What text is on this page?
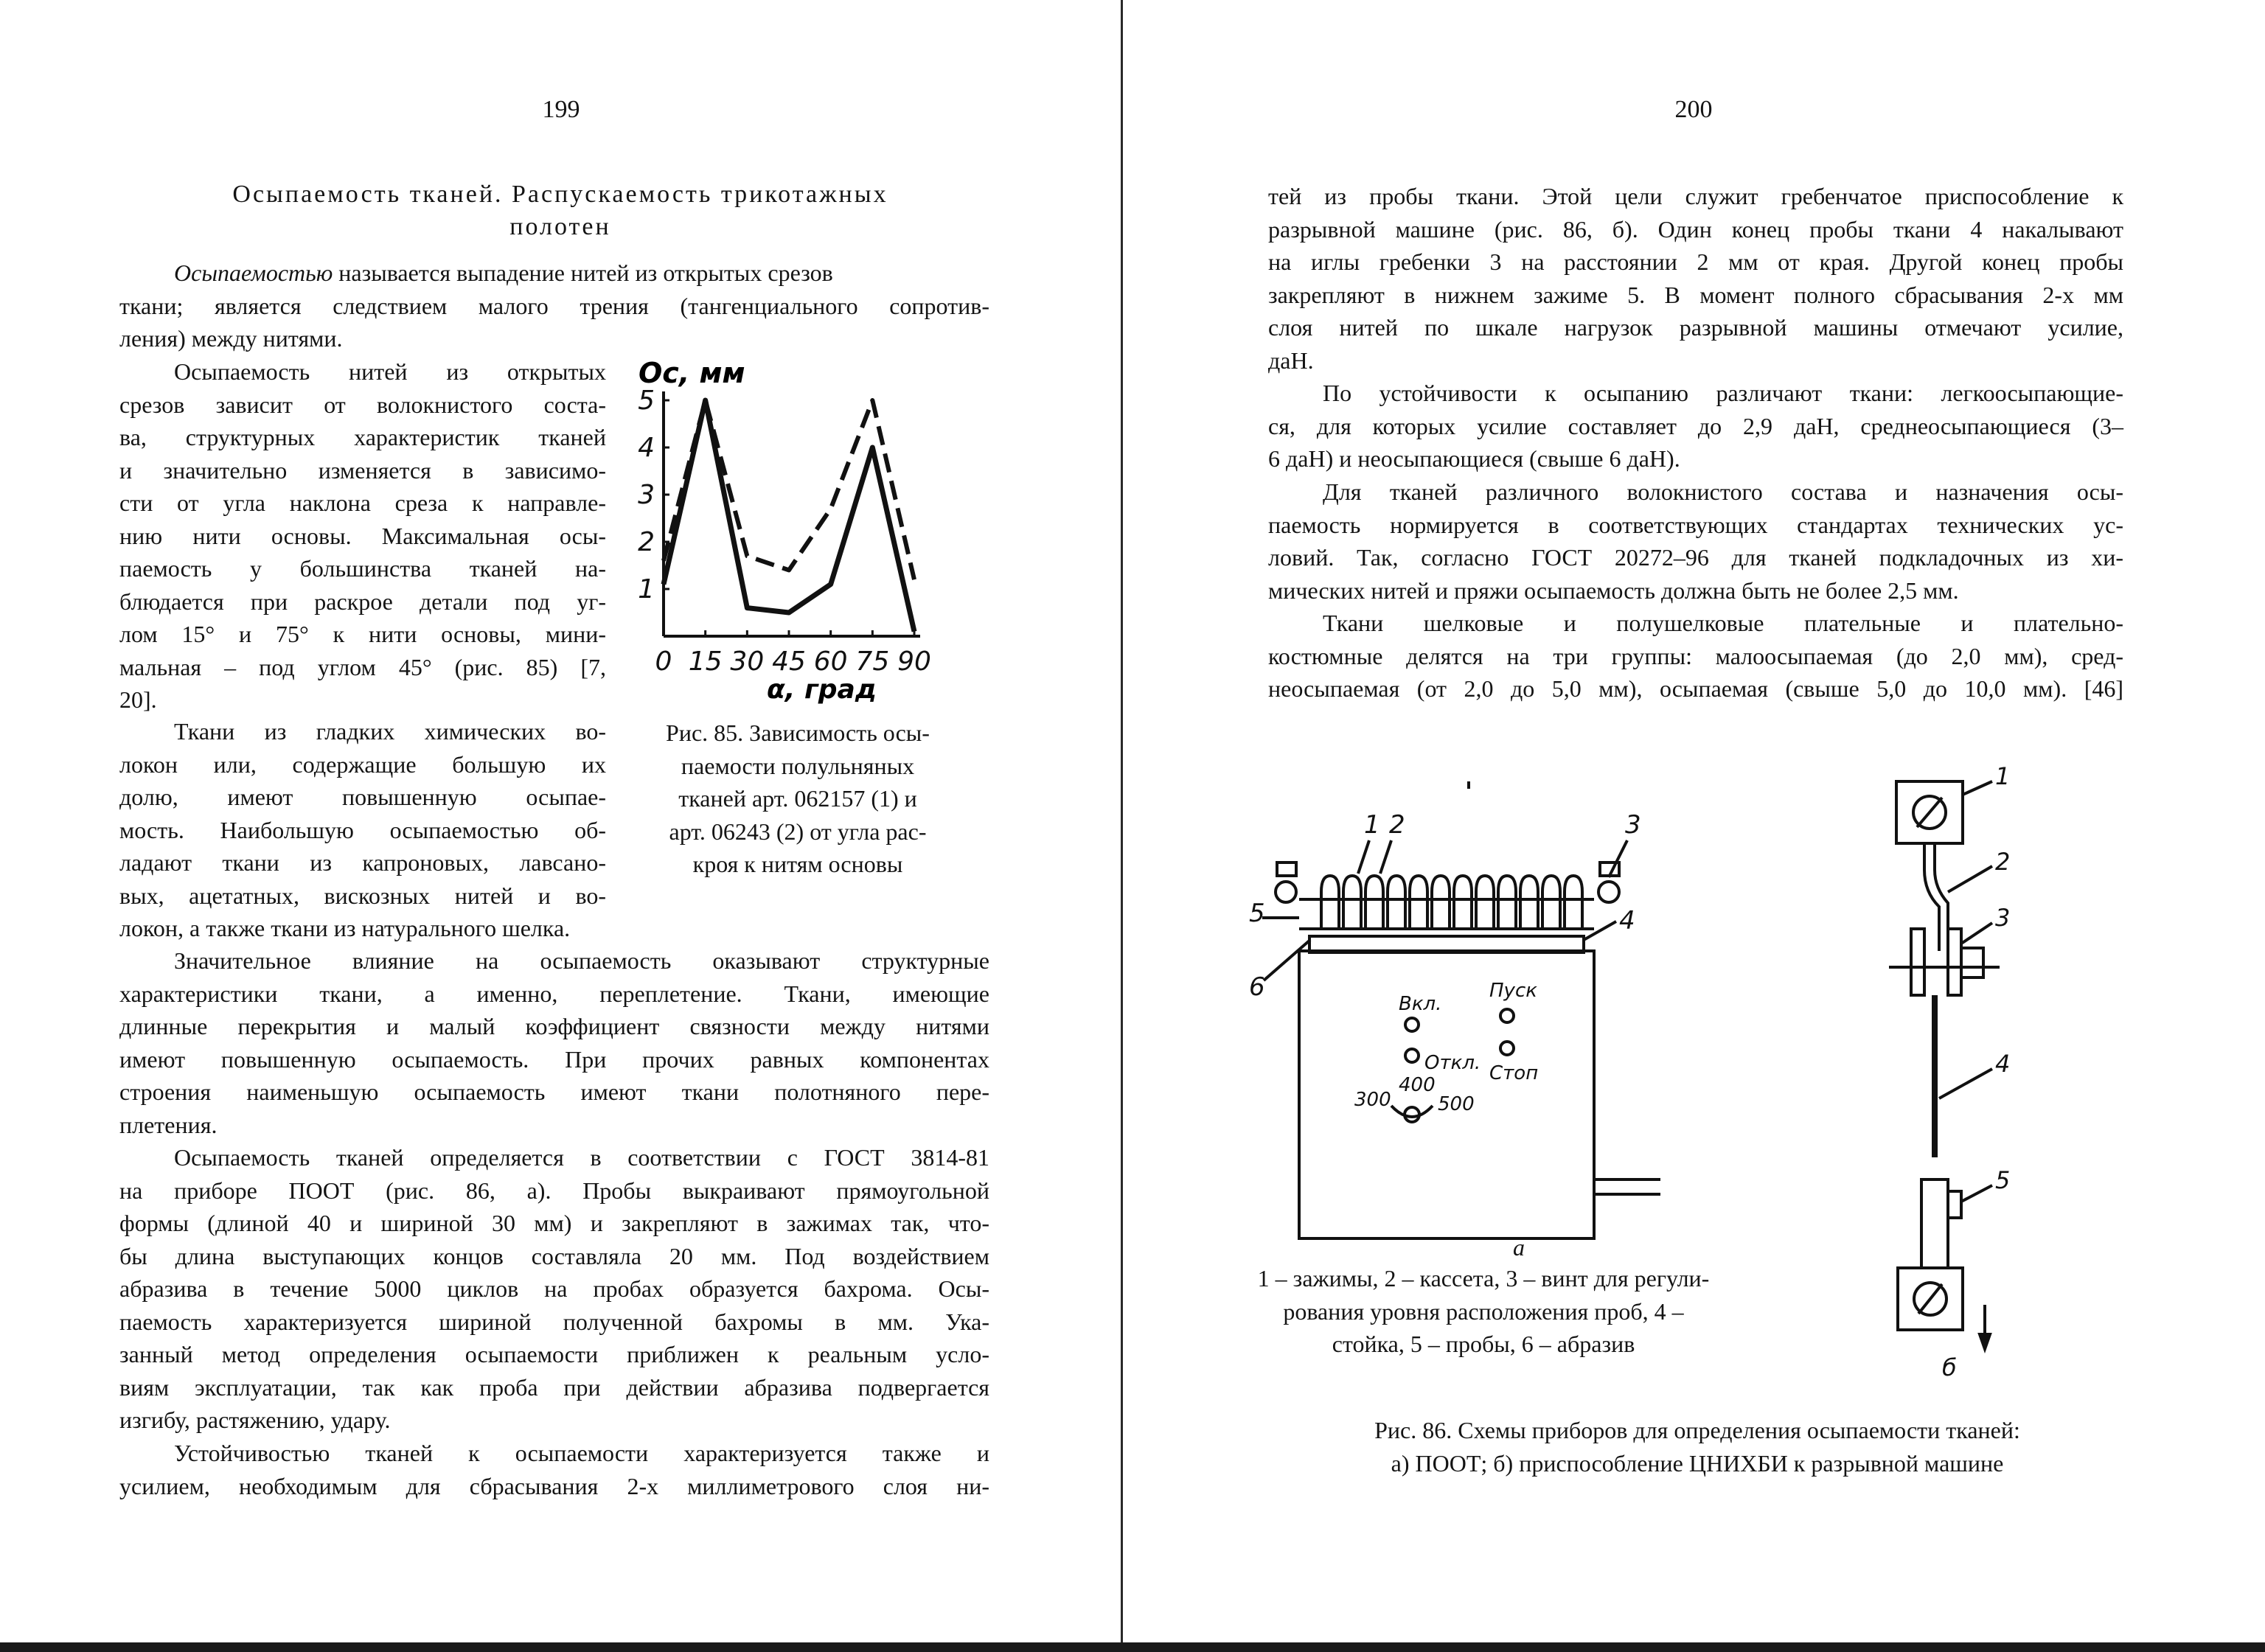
199
Осыпаемость тканей. Распускаемость трикотажных
полотен
Осыпаемостью называется выпадение нитей из открытых срезов
ткани; является следствием малого трения (тангенциального сопротив-
ления) между нитями.
Осыпаемость нитей из открытых
срезов зависит от волокнистого соста-
ва, структурных характеристик тканей
и значительно изменяется в зависимо-
сти от угла наклона среза к направле-
нию нити основы. Максимальная осы-
паемость у большинства тканей на-
блюдается при раскрое детали под уг-
лом 15° и 75° к нити основы, мини-
мальная – под углом 45° (рис. 85) [7,
20].
Ткани из гладких химических во-
локон или, содержащие большую их
долю, имеют повышенную осыпае-
мость. Наибольшую осыпаемостью об-
ладают ткани из капроновых, лавсано-
вых, ацетатных, вискозных нитей и во-
локон, а также ткани из натурального шелка.
Значительное влияние на осыпаемость оказывают структурные
характеристики ткани, а именно, переплетение. Ткани, имеющие
длинные перекрытия и малый коэффициент связности между нитями
имеют повышенную осыпаемость. При прочих равных компонентах
строения наименьшую осыпаемость имеют ткани полотняного пере-
плетения.
Осыпаемость тканей определяется в соответствии с ГОСТ 3814-81
на приборе ПООТ (рис. 86, а). Пробы выкраивают прямоугольной
формы (длиной 40 и шириной 30 мм) и закрепляют в зажимах так, что-
бы длина выступающих концов составляла 20 мм. Под воздействием
абразива в течение 5000 циклов на пробах образуется бахрома. Осы-
паемость характеризуется шириной полученной бахромы в мм. Ука-
занный метод определения осыпаемости приближен к реальным усло-
виям эксплуатации, так как проба при действии абразива подвергается
изгибу, растяжению, удару.
Устойчивостью тканей к осыпаемости характеризуется также и
усилием, необходимым для сбрасывания 2-х миллиметрового слоя ни-
0 15 30 45 60 75 90
1
2
3
4
5
Ос, мм
α, град
Рис. 85. Зависимость осы-
паемости полульняных
тканей арт. 062157 (1) и
арт. 06243 (2) от угла рас-
кроя к нитям основы
200
тей из пробы ткани. Этой цели служит гребенчатое приспособление к
разрывной машине (рис. 86, б). Один конец пробы ткани 4 накалывают
на иглы гребенки 3 на расстоянии 2 мм от края. Другой конец пробы
закрепляют в нижнем зажиме 5. В момент полного сбрасывания 2-х мм
слоя нитей по шкале нагрузок разрывной машины отмечают усилие,
даН.
По устойчивости к осыпанию различают ткани: легкоосыпающие-
ся, для которых усилие составляет до 2,9 даН, среднеосыпающиеся (3–
6 даН) и неосыпающиеся (свыше 6 даН).
Для тканей различного волокнистого состава и назначения осы-
паемость нормируется в соответствующих стандартах технических ус-
ловий. Так, согласно ГОСТ 20272–96 для тканей подкладочных из хи-
мических нитей и пряжи осыпаемость должна быть не более 2,5 мм.
Ткани шелковые и полушелковые плательные и плательно-
костюмные делятся на три группы: малоосыпаемая (до 2,0 мм), сред-
неосыпаемая (от 2,0 до 5,0 мм), осыпаемая (свыше 5,0 до 10,0 мм). [46]
5
6
1 2	3
4
Вкл.
Откл.
Пуск
Стоп
300
400
500
а
1 – зажимы, 2 – кассета, 3 – винт для регули-
рования уровня расположения проб, 4 –
стойка, 5 – пробы, 6 – абразив
1
2
3
4
5
б
Рис. 86. Схемы приборов для определения осыпаемости тканей:
а) ПООТ; б) приспособление ЦНИХБИ к разрывной машине
